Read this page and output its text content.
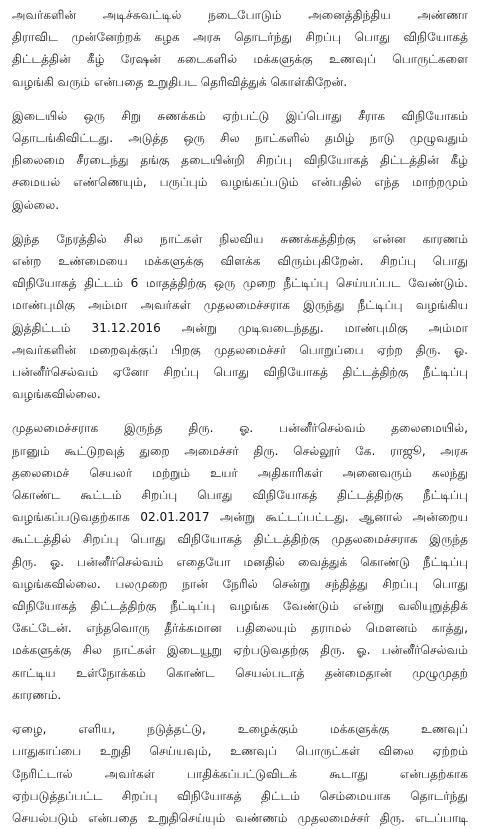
அவர்களின் அடிச்சுவட்டில் நடைபோடும் அனைத்திந்திய அண்ணா
திராவிட முன்னேற்றக் கழக அரசு தொடர்ந்து சிறப்பு பொது விநியோகத்
திட்டத்தின் கீழ் ரேஷன் கடைகளில் மக்களுக்கு உணவுப் பொருட்களை
வழங்கி வரும் என்பதை உறுதிபட தெரிவித்துக் கொள்கிறேன்.
இடையில் ஒரு சிறு சுணக்கம் ஏற்பட்டு இப்பொது சீராக விநியோகம்
தொடங்கிவிட்டது. அடுத்த ஒரு சில நாட்களில் தமிழ் நாடு முழுவதும்
நிலைமை சீரடைந்து தங்கு தடையின்றி சிறப்பு விநியோகத் திட்டத்தின் கீழ்
சமையல் எண்ணெயும், பருப்பும் வழங்கப்படும் என்பதில் எந்த மாற்றமும்
இல்லை.
இந்த நேரத்தில் சில நாட்கள் நிலவிய சுணக்கத்திற்கு என்ன காரணம்
என்ற உண்மையை மக்களுக்கு விளக்க விரும்புகிறேன். சிறப்பு பொது
விநியோகத் திட்டம் 6 மாதத்திற்கு ஒரு முறை நீட்டிப்பு செய்யப்பட வேண்டும்.
மாண்புமிகு அம்மா அவர்கள் முதலமைச்சராக இருந்து நீட்டிப்பு வழங்கிய
இத்திட்டம் 31.12.2016 அன்று முடிவடைந்தது. மாண்புமிகு அம்மா
அவர்களின் மறைவுக்குப் பிறகு முதலமைச்சர் பொறுப்பை ஏற்ற திரு. ஓ.
பன்னீர்செல்வம் ஏனோ சிறப்பு பொது விநியோகத் திட்டத்திற்கு நீட்டிப்பு
வழங்கவில்லை.
முதலமைச்சராக இருந்த திரு. ஓ. பன்னீர்செல்வம் தலைமையில்,
நானும் கூட்டுறவுத் துறை அமைச்சர் திரு. செல்லூர் கே. ராஜூ, அரசு
தலைமைச் செயலர் மற்றும் உயர் அதிகாரிகள் அனைவரும் கலந்து
கொண்ட கூட்டம் சிறப்பு பொது விநியோகத் திட்டத்திற்கு நீட்டிப்பு
வழங்கப்படுவதற்காக 02.01.2017 அன்று கூட்டப்பட்டது. ஆனால் அன்றைய
கூட்டத்தில் சிறப்பு பொது விநியோகத் திட்டத்திற்கு முதலமைச்சராக இருந்த
திரு. ஓ. பன்னீர்செல்வம் எதையோ மனதில் வைத்துக் கொண்டு நீட்டிப்பு
வழங்கவில்லை. பலமுறை நான் நேரில் சென்று சந்தித்து சிறப்பு பொது
விநியோகத் திட்டத்திற்கு நீட்டிப்பு வழங்க வேண்டும் என்று வலியுறுத்திக்
கேட்டேன். எந்தவொரு தீர்க்கமான பதிலையும் தராமல் மௌனம் காத்து,
மக்களுக்கு சில நாட்கள் இடையூறு ஏற்படுவதற்கு திரு. ஓ. பன்னீர்செல்வம்
காட்டிய உள்நோக்கம் கொண்ட செயல்படாத் தன்மைதான் முழுமுதற்
காரணம்.
ஏழை, எளிய, நடுத்தட்டு, உழைக்கும் மக்களுக்கு உணவுப்
பாதுகாப்பை உறுதி செய்யவும், உணவுப் பொருட்கள் விலை ஏற்றம்
நேரிட்டால் அவர்கள் பாதிக்கப்பட்டுவிடக் கூடாது என்பதற்காக
ஏற்படுத்தப்பட்ட சிறப்பு விநியோகத் திட்டம் செம்மையாக தொடர்ந்து
செயல்படும் என்பதை உறுதிசெய்யும் வண்ணம் முதலமைச்சர் திரு. எடப்பாடி
